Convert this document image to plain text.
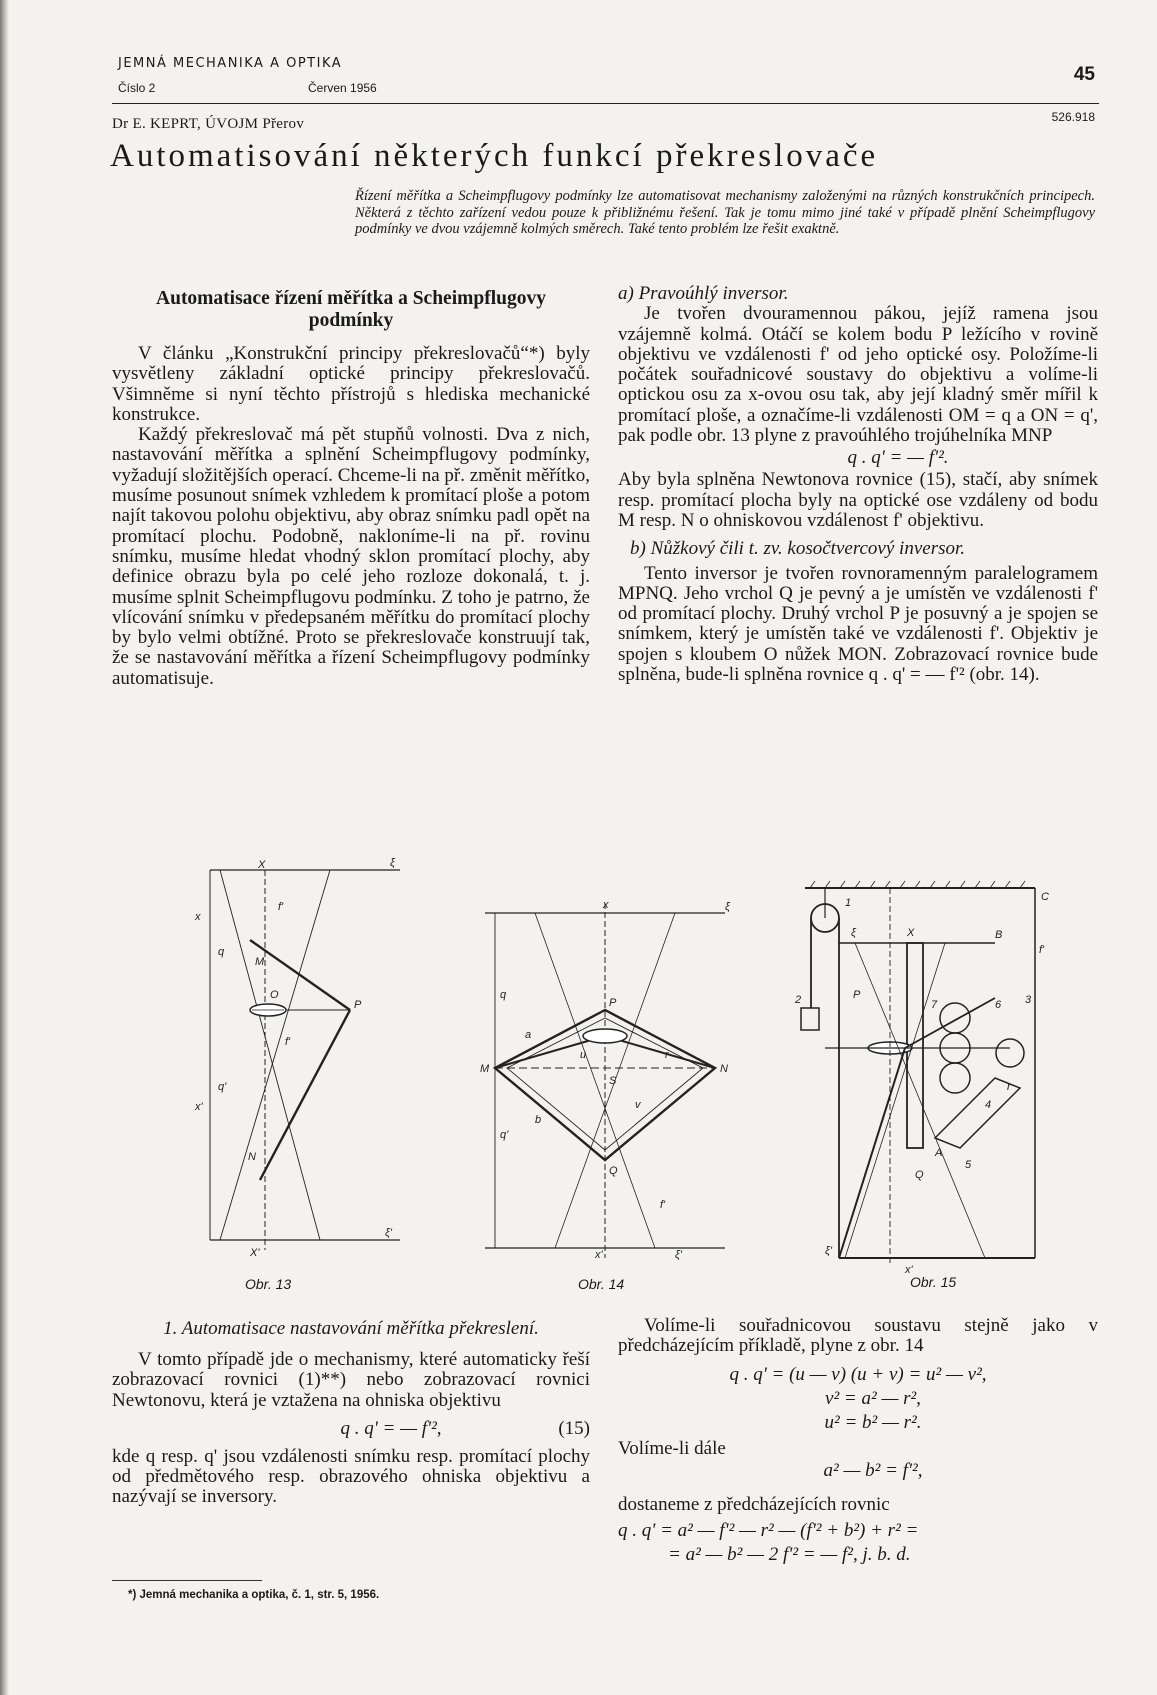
JEMNÁ MECHANIKA A OPTIKA
Číslo 2	Červen 1956
45
Dr E. KEPRT, ÚVOJM Přerov	526.918
Automatisování některých funkcí překreslovače
Řízení měřítka a Scheimpflugovy podmínky lze automatisovat mechanismy založenými na různých konstrukčních principech. Některá z těchto zařízení vedou pouze k přibližnému řešení. Tak je tomu mimo jiné také v případě plnění Scheimpflugovy podmínky ve dvou vzájemně kolmých směrech. Také tento problém lze řešit exaktně.
Automatisace řízení měřítka a Scheimpflugovy podmínky

V článku „Konstrukční principy překreslovačů“*) byly vysvětleny základní optické principy překreslovačů. Všimněme si nyní těchto přístrojů s hlediska mechanické konstrukce.

Každý překreslovač má pět stupňů volnosti. Dva z nich, nastavování měřítka a splnění Scheimpflugovy podmínky, vyžadují složitějších operací. Chceme-li na př. změnit měřítko, musíme posunout snímek vzhledem k promítací ploše a potom najít takovou polohu objektivu, aby obraz snímku padl opět na promítací plochu. Podobně, nakloníme-li na př. rovinu snímku, musíme hledat vhodný sklon promítací plochy, aby definice obrazu byla po celé jeho rozloze dokonalá, t. j. musíme splnit Scheimpflugovu podmínku. Z toho je patrno, že vlícování snímku v předepsaném měřítku do promítací plochy by bylo velmi obtížné. Proto se překreslovače konstruují tak, že se nastavování měřítka a řízení Scheimpflugovy podmínky automatisuje.

a) Pravoúhlý inversor.

Je tvořen dvouramennou pákou, jejíž ramena jsou vzájemně kolmá. Otáčí se kolem bodu P ležícího v rovině objektivu ve vzdálenosti f' od jeho optické osy. Položíme-li počátek souřadnicové soustavy do objektivu a volíme-li optickou osu za x-ovou osu tak, aby její kladný směr mířil k promítací ploše, a označíme-li vzdálenosti OM = q a ON = q', pak podle obr. 13 plyne z pravoúhlého trojúhelníka MNP

q . q' = — f'².

Aby byla splněna Newtonova rovnice (15), stačí, aby snímek resp. promítací plocha byly na optické ose vzdáleny od bodu M resp. N o ohniskovou vzdálenost f' objektivu.

b) Nůžkový čili t. zv. kosočtvercový inversor.

Tento inversor je tvořen rovnoramenným paralelogramem MPNQ. Jeho vrchol Q je pevný a je umístěn ve vzdálenosti f' od promítací plochy. Druhý vrchol P je posuvný a je spojen se snímkem, který je umístěn také ve vzdálenosti f'. Objektiv je spojen s kloubem O nůžek MON. Zobrazovací rovnice bude splněna, bude-li splněna rovnice q . q' = — f'² (obr. 14).

X
X'
ξ
ξ'
M
O
P
N
f'
q
q'
f'
x
x'
Obr. 13
x
x'
ξ
ξ'
M	N
P
Q
S
a
r
u
v
b
f'
q
q'
Obr. 14
1
2	3
4
5
6
7
A
B
C
ξ
ξ'
X
x'
P
Q
f'
r
Obr. 15
1. Automatisace nastavování měřítka překreslení.

V tomto případě jde o mechanismy, které automaticky řeší zobrazovací rovnici (1)**) nebo zobrazovací rovnici Newtonovu, která je vztažena na ohniska objektivu

q . q' = — f'²,	(15)

kde q resp. q' jsou vzdálenosti snímku resp. promítací plochy od předmětového resp. obrazového ohniska objektivu a nazývají se inversory.

*) Jemná mechanika a optika, č. 1, str. 5, 1956.

Volíme-li souřadnicovou soustavu stejně jako v předcházejícím příkladě, plyne z obr. 14

q . q' = (u — v) (u + v) = u² — v²,
v² = a² — r²,
u² = b² — r².

Volíme-li dále

a² — b² = f'²,

dostaneme z předcházejících rovnic

q . q' = a² — f'² — r² — (f'² + b²) + r² =
= a² — b² — 2 f'² = — f², j. b. d.
